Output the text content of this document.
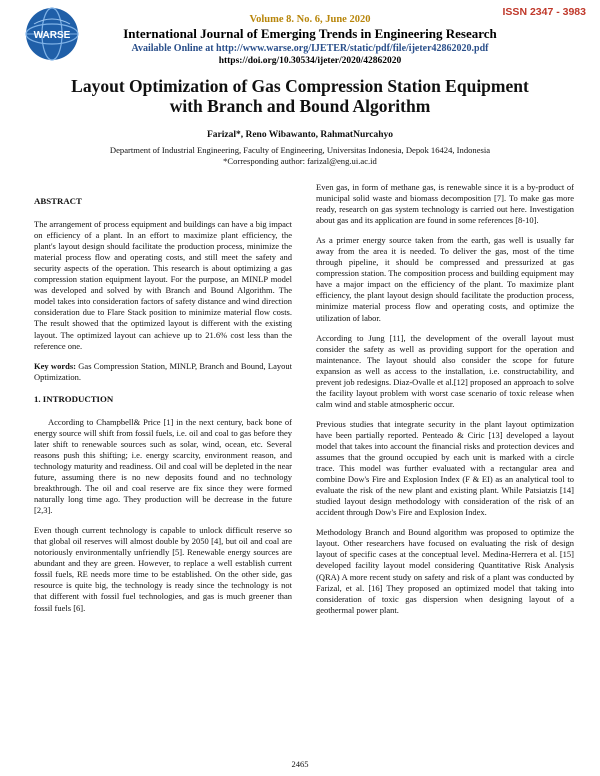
WARSE
ISSN 2347 - 3983
Volume 8. No. 6, June 2020
International Journal of Emerging Trends in Engineering Research
Available Online at http://www.warse.org/IJETER/static/pdf/file/ijeter42862020.pdf
https://doi.org/10.30534/ijeter/2020/42862020
Layout Optimization of Gas Compression Station Equipment
with Branch and Bound Algorithm
Farizal*, Reno Wibawanto, RahmatNurcahyo
Department of Industrial Engineering, Faculty of Engineering, Universitas Indonesia, Depok 16424, Indonesia
*Corresponding author: farizal@eng.ui.ac.id
ABSTRACT

The arrangement of process equipment and buildings can have a big impact on efficiency of a plant. In an effort to maximize plant efficiency, the plant's layout design should facilitate the production process, minimize the material process flow and operating costs, and still meet the safety and security aspects of the operation. This research is about optimizing a gas compression station equipment layout. For the purpose, an MINLP model was developed and solved by with Branch and Bound Algorithm. The model takes into consideration factors of safety distance and wind direction consideration due to Flare Stack position to minimize material flow costs. The result showed that the optimized layout is different with the existing layout. The optimized layout can achieve up to 21.6% cost less than the reference one.

Key words: Gas Compression Station, MINLP, Branch and Bound, Layout Optimization.

1. INTRODUCTION

According to Champbell& Price [1] in the next century, back bone of energy source will shift from fossil fuels, i.e. oil and coal to gas before they later shift to renewable sources such as solar, wind, ocean, etc. Several reasons push this shifting; i.e. energy scarcity, environment reason, and technology maturity and readiness. Oil and coal will be depleted in the near future, assuming there is no new deposits found and no technology breakthrough. The oil and coal reserve are fix since they were formed naturally long time ago. They production will be decrease in the future [2,3].

Even though current technology is capable to unlock difficult reserve so that global oil reserves will almost double by 2050 [4], but oil and coal are notoriously environmentally unfriendly [5]. Renewable energy sources are abundant and they are green. However, to replace a well establish current fossil fuels, RE needs more time to be established. On the other side, gas resource is quite big, the technology is ready since the technology is not that different with fossil fuel technologies, and gas is much greener than fossil fuels [6].

Even gas, in form of methane gas, is renewable since it is a by-product of municipal solid waste and biomass decomposition [7]. To make gas more ready, research on gas system technology is carried out here. Investigation about gas and its application are found in some references [8-10].

As a primer energy source taken from the earth, gas well is usually far away from the area it is needed. To deliver the gas, most of the time through pipeline, it should be compressed and pressurized at gas compression station. The composition process and building equipment may have a major impact on the efficiency of the plant. To maximize plant efficiency, the plant layout design should facilitate the production process, minimize material process flow and operating costs, and optimize the utilization of labor.

According to Jung [11], the development of the overall layout must consider the safety as well as providing support for the operation and maintenance. The layout should also consider the scope for future expansion as well as access to the installation, i.e. constructability, and prevent job redesigns. Diaz-Ovalle et al.[12] proposed an approach to solve the facility layout problem with worst case scenario of toxic release when calm wind and stable atmospheric occur.

Previous studies that integrate security in the plant layout optimization have been partially reported. Penteado & Ciric [13] developed a layout model that takes into account the financial risks and protection devices and assumes that the ground occupied by each unit is marked with a circle trace. This model was further evaluated with a rectangular area and combine Dow's Fire and Explosion Index (F & EI) as an analytical tool to evaluate the risk of the new plant and existing plant. While Patsiatzis [14] studied layout design methodology with consideration of the risk of an accident through Dow's Fire and Explosion Index.

Methodology Branch and Bound algorithm was proposed to optimize the layout. Other researchers have focused on evaluating the risk of design layout of specific cases at the conceptual level. Medina-Herrera et al. [15] developed facility layout model considering Quantitative Risk Analysis (QRA) A more recent study on safety and risk of a plant was conducted by Farizal, et al. [16] They proposed an optimized model that taking into consideration of toxic gas dispersion when designing layout of a geothermal power plant.

2465
